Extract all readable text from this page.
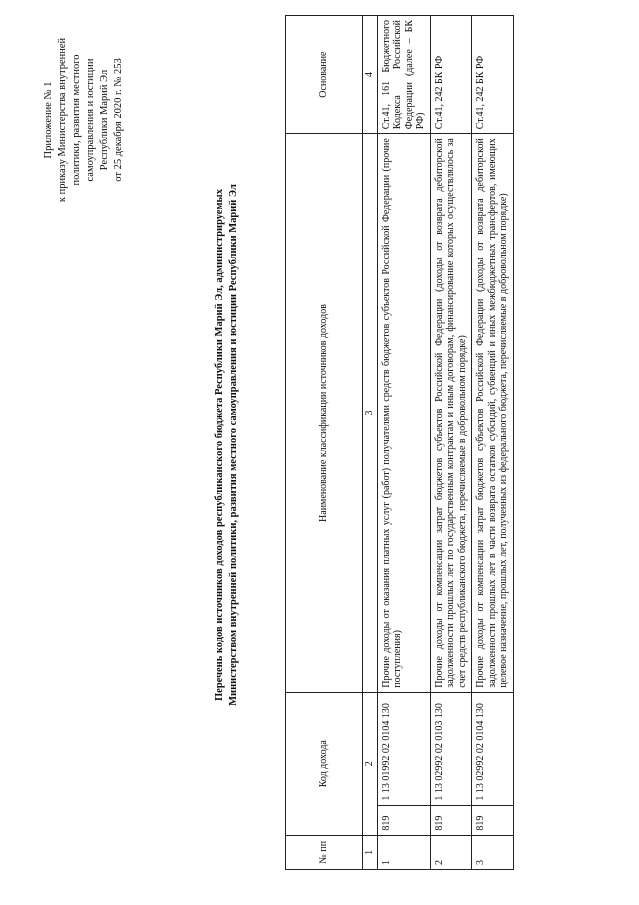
Приложение № 1 к приказу Министерства внутренней политики, развития местного самоуправления и юстиции Республики Марий Эл от 25 декабря 2020 г. № 253
Перечень кодов источников доходов республиканского бюджета Республики Марий Эл, администрируемых Министерством внутренней политики, развития местного самоуправления и юстиции Республики Марий Эл
№ пп	Код дохода		Наименование классификации источников доходов	Основание
1	2		3	4
1	819	1 13 01992 02 0104 130	Прочие доходы от оказания платных услуг (работ) получателями средств бюджетов субъектов Российской Федерации (прочие поступления)	Ст.41, 161 Бюджетного Кодекса Российской Федерации (далее – БК РФ)
2	819	1 13 02992 02 0103 130	Прочие доходы от компенсации затрат бюджетов субъектов Российской Федерации (доходы от возврата дебиторской задолженности прошлых лет по государственным контрактам и иным договорам, финансирование которых осуществлялось за счет средств республиканского бюджета, перечисляемые в добровольном порядке)	Ст.41, 242 БК РФ
3	819	1 13 02992 02 0104 130	Прочие доходы от компенсации затрат бюджетов субъектов Российской Федерации (доходы от возврата дебиторской задолженности прошлых лет в части возврата остатков субсидий, субвенций и иных межбюджетных трансфертов, имеющих целевое назначение, прошлых лет, полученных из федерального бюджета, перечисляемые в добровольном порядке)	Ст.41, 242 БК РФ
